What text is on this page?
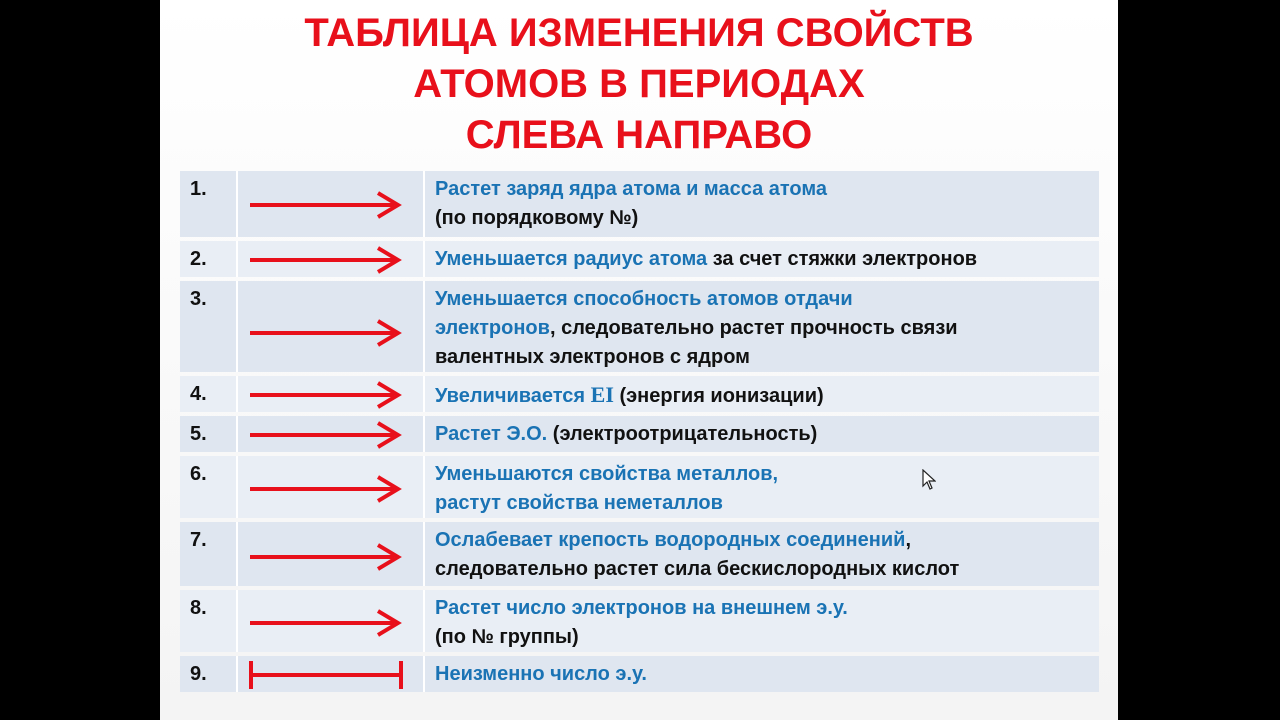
ТАБЛИЦА ИЗМЕНЕНИЯ СВОЙСТВ
АТОМОВ В ПЕРИОДАХ
СЛЕВА НАПРАВО
1.		Растет заряд ядра атома и масса атома
(по порядковому №)

2.		Уменьшается радиус атома за счет стяжки электронов

3.		Уменьшается способность атомов отдачи
электронов, следовательно растет прочность связи
валентных электронов с ядром

4.		Увеличивается EI (энергия ионизации)

5.		Растет Э.О. (электроотрицательность)

6.		Уменьшаются свойства металлов,
растут свойства неметаллов

7.		Ослабевает крепость водородных соединений,
следовательно растет сила бескислородных кислот

8.		Растет число электронов на внешнем э.у.
(по № группы)

9.		Неизменно число э.у.
